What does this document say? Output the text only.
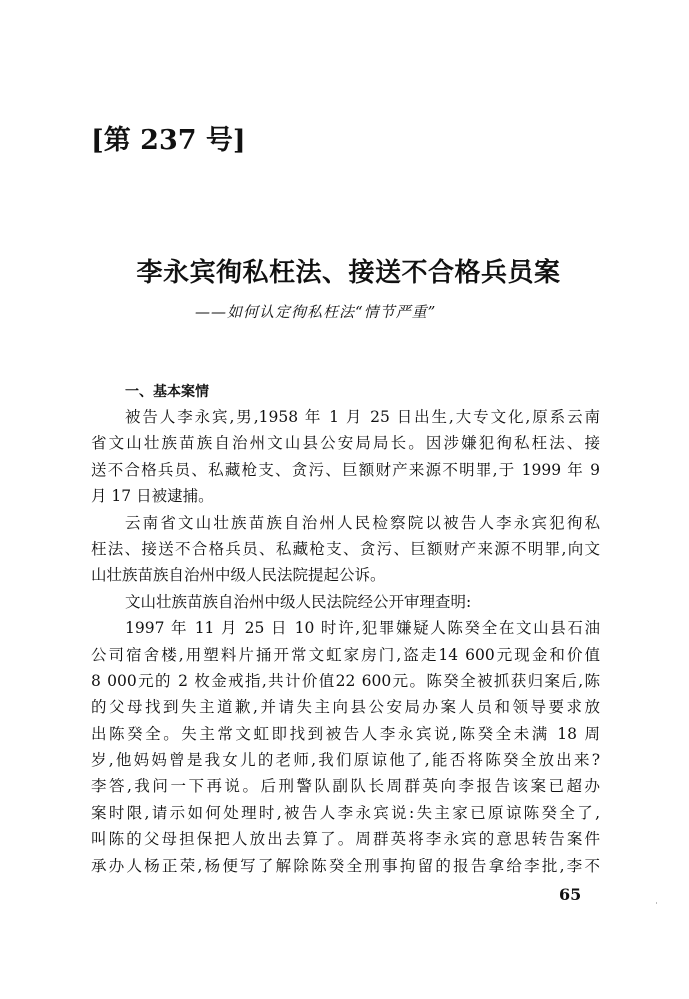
[第 237 号]
李永宾徇私枉法、接送不合格兵员案
——如何认定徇私枉法“情节严重”
一、基本案情
被告人李永宾,男,1958 年 1 月 25 日出生,大专文化,原系云南
省文山壮族苗族自治州文山县公安局局长。因涉嫌犯徇私枉法、接
送不合格兵员、私藏枪支、贪污、巨额财产来源不明罪,于 1999 年 9
月 17 日被逮捕。
云南省文山壮族苗族自治州人民检察院以被告人李永宾犯徇私
枉法、接送不合格兵员、私藏枪支、贪污、巨额财产来源不明罪,向文
山壮族苗族自治州中级人民法院提起公诉。
文山壮族苗族自治州中级人民法院经公开审理查明:
1997 年 11 月 25 日 10 时许,犯罪嫌疑人陈癸全在文山县石油
公司宿舍楼,用塑料片捅开常文虹家房门,盗走14 600元现金和价值
8 000元的 2 枚金戒指,共计价值22 600元。陈癸全被抓获归案后,陈
的父母找到失主道歉,并请失主向县公安局办案人员和领导要求放
出陈癸全。失主常文虹即找到被告人李永宾说,陈癸全未满 18 周
岁,他妈妈曾是我女儿的老师,我们原谅他了,能否将陈癸全放出来?
李答,我问一下再说。后刑警队副队长周群英向李报告该案已超办
案时限,请示如何处理时,被告人李永宾说:失主家已原谅陈癸全了,
叫陈的父母担保把人放出去算了。周群英将李永宾的意思转告案件
承办人杨正荣,杨便写了解除陈癸全刑事拘留的报告拿给李批,李不
65
